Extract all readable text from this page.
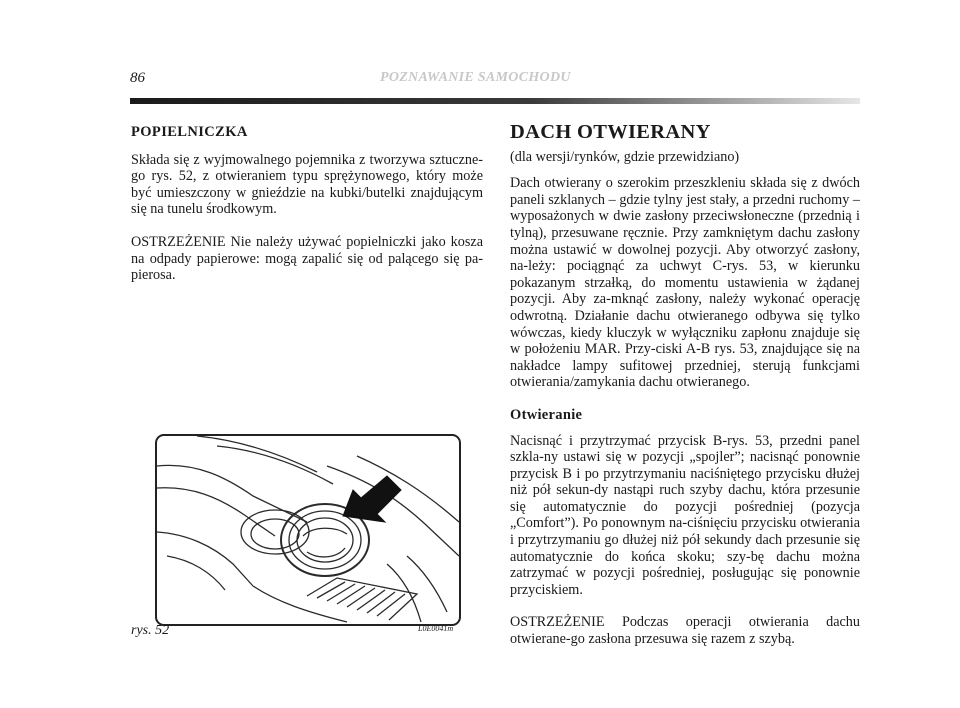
86	POZNAWANIE SAMOCHODU
POPIELNICZKA

Składa się z wyjmowalnego pojemnika z tworzywa sztuczne-go rys. 52, z otwieraniem typu sprężynowego, który może być umieszczony w gnieździe na kubki/butelki znajdującym się na tunelu środkowym.

OSTRZEŻENIE Nie należy używać popielniczki jako kosza na odpady papierowe: mogą zapalić się od palącego się pa-pierosa.

rys. 52	L0E0041m
DACH OTWIERANY

(dla wersji/rynków, gdzie przewidziano)

Dach otwierany o szerokim przeszkleniu składa się z dwóch paneli szklanych – gdzie tylny jest stały, a przedni ruchomy – wyposażonych w dwie zasłony przeciwsłoneczne (przednią i tylną), przesuwane ręcznie. Przy zamkniętym dachu zasłony można ustawić w dowolnej pozycji. Aby otworzyć zasłony, na-leży: pociągnąć za uchwyt C-rys. 53, w kierunku pokazanym strzałką, do momentu ustawienia w żądanej pozycji. Aby za-mknąć zasłony, należy wykonać operację odwrotną. Działanie dachu otwieranego odbywa się tylko wówczas, kiedy kluczyk w wyłączniku zapłonu znajduje się w położeniu MAR. Przy-ciski A-B rys. 53, znajdujące się na nakładce lampy sufitowej przedniej, sterują funkcjami otwierania/zamykania dachu otwieranego.

Otwieranie

Nacisnąć i przytrzymać przycisk B-rys. 53, przedni panel szkla-ny ustawi się w pozycji „spojler”; nacisnąć ponownie przycisk B i po przytrzymaniu naciśniętego przycisku dłużej niż pół sekun-dy nastąpi ruch szyby dachu, która przesunie się automatycznie do pozycji pośredniej (pozycja „Comfort”). Po ponownym na-ciśnięciu przycisku otwierania i przytrzymaniu go dłużej niż pół sekundy dach przesunie się automatycznie do końca skoku; szy-bę dachu można zatrzymać w pozycji pośredniej, posługując się ponownie przyciskiem.

OSTRZEŻENIE Podczas operacji otwierania dachu otwierane-go zasłona przesuwa się razem z szybą.
